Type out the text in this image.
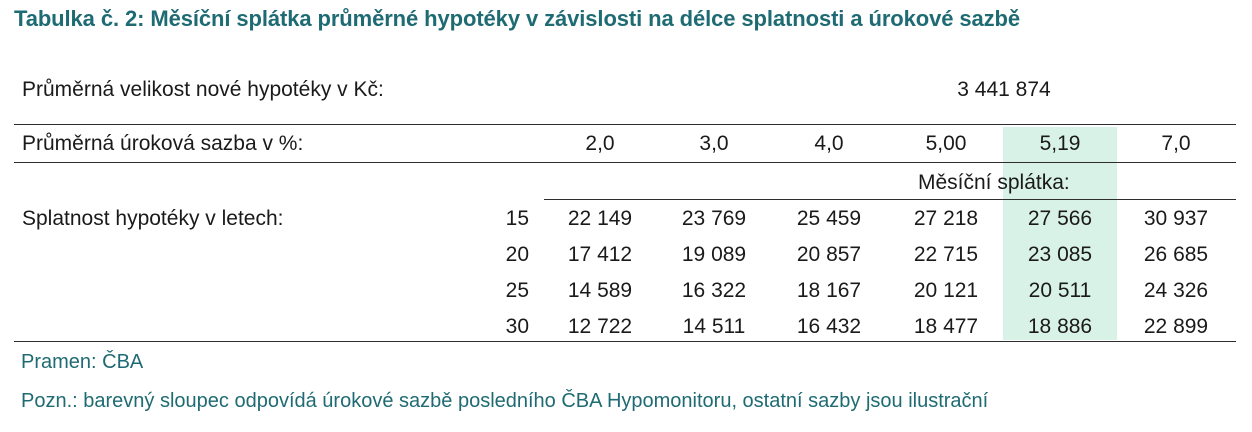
Tabulka č. 2: Měsíční splátka průměrné hypotéky v závislosti na délce splatnosti a úrokové sazbě
Průměrná velikost nové hypotéky v Kč:	3 441 874
Průměrná úroková sazba v %:	2,0	3,0	4,0	5,00	5,19	7,0
Měsíční splátka:
Splatnost hypotéky v letech:	15	22 149	23 769	25 459	27 218	27 566	30 937
20	17 412	19 089	20 857	22 715	23 085	26 685
25	14 589	16 322	18 167	20 121	20 511	24 326
30	12 722	14 511	16 432	18 477	18 886	22 899
Pramen: ČBA
Pozn.: barevný sloupec odpovídá úrokové sazbě posledního ČBA Hypomonitoru, ostatní sazby jsou ilustrační
